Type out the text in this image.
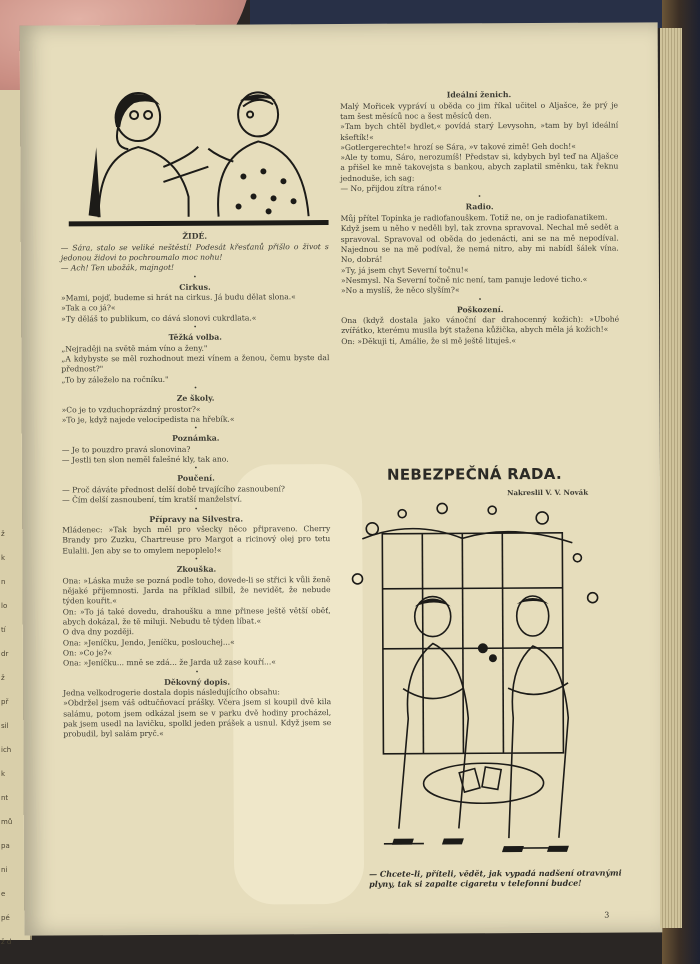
ž
k
n
lo
tí
dr
ž
př
sil
ich
k
nt
mů
pa
ni
e
pé
ž d

ŽIDÉ.

— Sára, stalo se veliké neštěstí! Podesát křesťanů přišlo o život s jedonou židovi to pochroumalo moc nohu!

— Ach! Ten ubožák, majngot!

•

Cirkus.

»Mami, pojď, budeme si hrát na cirkus. Já budu dělat slona.«

»Tak a co já?«

»Ty děláš to publikum, co dává slonovi cukrdlata.«

•

Těžká volba.

„Nejraději na světě mám víno a ženy."

„A kdybyste se měl rozhodnout mezi vínem a ženou, čemu byste dal přednost?"

„To by záleželo na ročníku."

•

Ze školy.

»Co je to vzduchoprázdný prostor?«

»To je, když najede velocipedista na hřebík.«

•

Poznámka.

— Je to pouzdro pravá slonovina?

— Jestli ten slon neměl falešné kly, tak ano.

•

Poučení.

— Proč dáváte přednost delší době trvajícího zasnoubení?

— Čím delší zasnoubení, tím kratší manželství.

•

Přípravy na Silvestra.

Mládenec: »Tak bych měl pro všecky něco připraveno. Cherry Brandy pro Zuzku, Chartreuse pro Margot a ricinový olej pro tetu Eulalii. Jen aby se to omylem nepoplelo!«

•

Zkouška.

Ona: »Láska muže se pozná podle toho, dovede-li se střici k vůli ženě nějaké příjemnosti. Jarda na příklad silbil, že nevidět, že nebude týden kouřit.«

On: »To já také dovedu, drahoušku a mne přinese ještě větší oběť, abych dokázal, že tě miluji. Nebudu tě týden líbat.«

O dva dny později.

Ona: »Jeníčku, Jendo, Jeníčku, poslouchej...«

On: »Co je?«

Ona: »Jeníčku... mně se zdá... že Jarda už zase kouří...«

•

Děkovný dopis.

Jedna velkodrogerie dostala dopis následujícího obsahu:

»Obdržel jsem váš odtučňovací prášky. Včera jsem si koupil dvě kila salámu, potom jsem odkázal jsem se v parku dvě hodiny procházel, pak jsem usedl na lavičku, spolkl jeden prášek a usnul. Když jsem se probudil, byl salám pryč.«

Ideální ženich.

Malý Mořicek vypráví u oběda co jim říkal učitel o Aljašce, že prý je tam šest měsíců noc a šest měsíců den.

»Tam bych chtěl bydlet,« povídá starý Levysohn, »tam by byl ideální kšeftík!«

»Gotlergerechte!« hrozí se Sára, »v takové zimě! Geh doch!«

»Ale ty tomu, Sáro, nerozumíš! Představ si, kdybych byl teď na Aljašce a přišel ke mně takovejsta s bankou, abych zaplatil směnku, tak řeknu jednoduše, ich sag:

— No, přijdou zítra ráno!«

•

Radio.

Můj přítel Topinka je radiofanouškem. Totiž ne, on je radiofanatikem.

Když jsem u něho v neděli byl, tak zrovna spravoval. Nechal mě sedět a spravoval. Spravoval od oběda do jedenácti, ani se na mě nepodíval. Najednou se na mě podíval, že nemá nitro, aby mi nabídl šálek vína. No, dobrá!

»Ty, já jsem chyt Severní točnu!«

»Nesmysl. Na Severní točně nic není, tam panuje ledové ticho.«

»No a myslíš, že něco slyším?«

•

Poškození.

Ona (když dostala jako vánoční dar drahocenný kožich): »Ubohé zvířátko, kterému musila být stažena kůžička, abych měla já kožich!«

On: »Děkuji ti, Amálie, že si mě ještě lituješ.«

NEBEZPEČNÁ RADA.
Nakreslil V. V. Novák
— Chcete-li, příteli, vědět, jak vypadá nadšení otravnými plyny, tak si zapalte cigaretu v telefonní budce!
3
